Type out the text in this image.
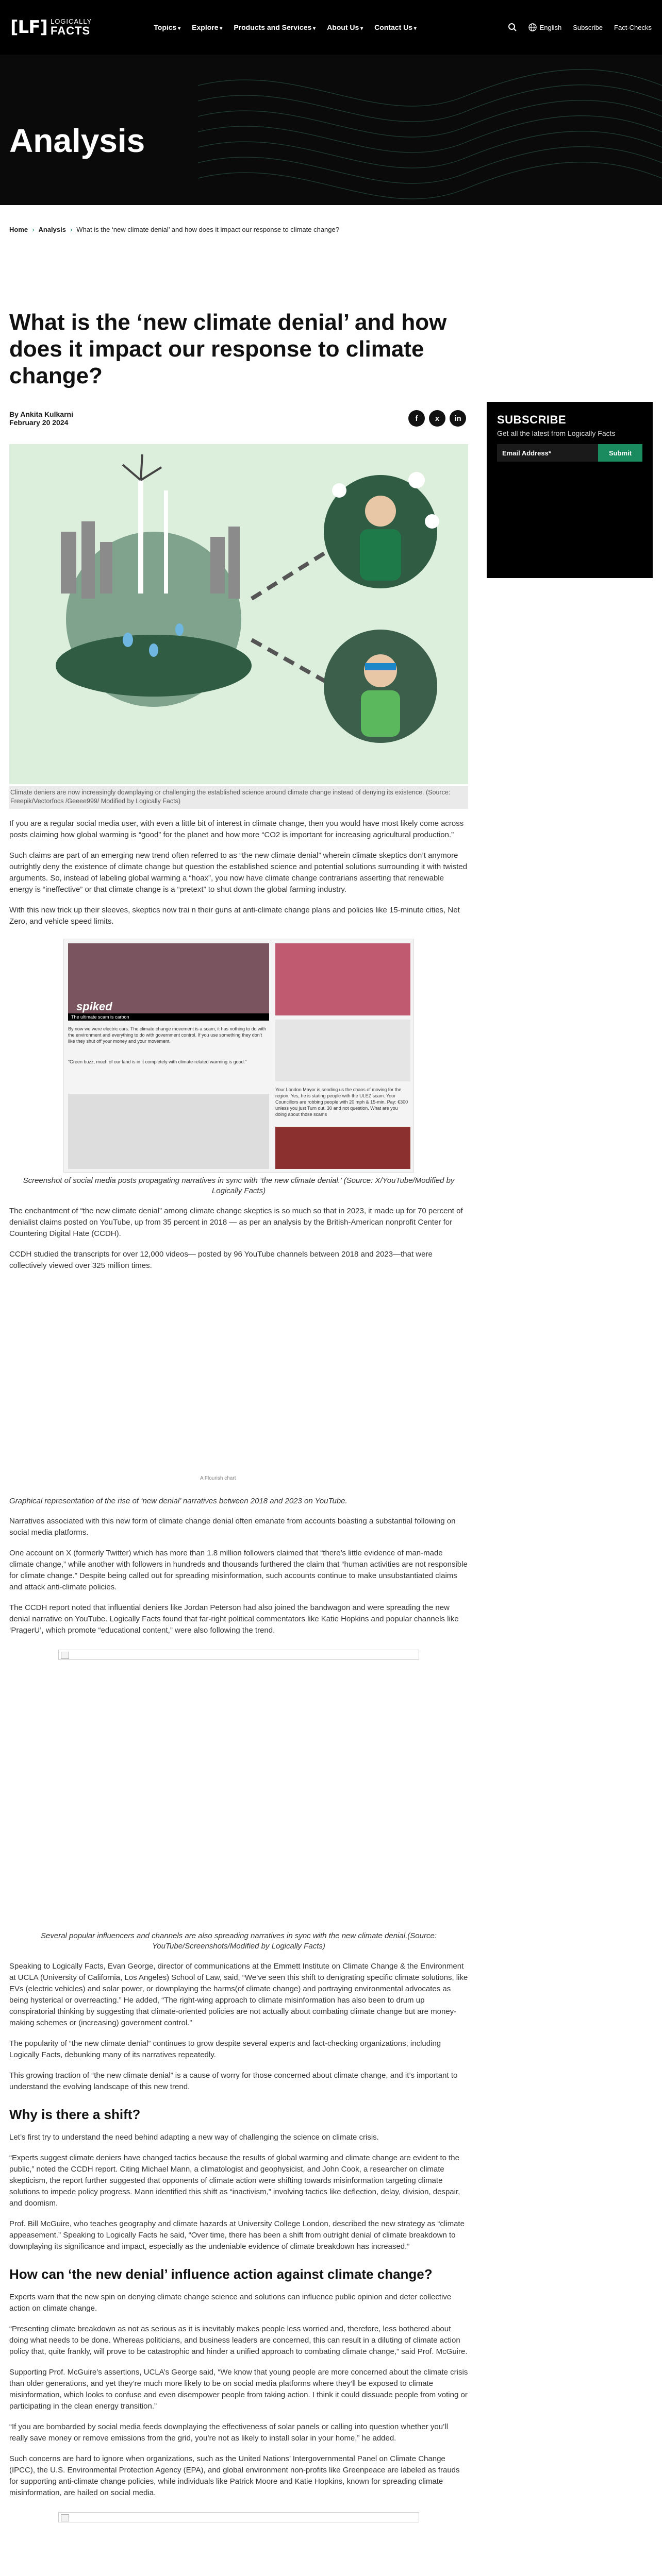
[LF] LOGICALLY
FACTS	Topics ▾	Explore ▾	Products and Services ▾	About Us ▾	Contact Us ▾	English Subscribe Fact-Checks
Analysis
Home › Analysis › What is the ‘new climate denial’ and how does it impact our response to climate change?
What is the ‘new climate denial’ and how does it impact our response to climate change?
By Ankita Kulkarni
February 20 2024	f	x	in
Climate deniers are now increasingly downplaying or challenging the established science around climate change instead of denying its existence. (Source: Freepik/Vectorfocs /Geeee999/ Modified by Logically Facts)

If you are a regular social media user, with even a little bit of interest in climate change, then you would have most likely come across posts claiming how global warming is “good” for the planet and how more “CO2 is important for increasing agricultural production.”

Such claims are part of an emerging new trend often referred to as “the new climate denial” wherein climate skeptics don’t anymore outrightly deny the existence of climate change but question the established science and potential solutions surrounding it with twisted arguments. So, instead of labeling global warming a “hoax”, you now have climate change contrarians asserting that renewable energy is “ineffective” or that climate change is a “pretext” to shut down the global farming industry.

With this new trick up their sleeves, skeptics now trai n their guns at anti-climate change plans and policies like 15-minute cities, Net Zero, and vehicle speed limits.

spiked
The ultimate scam is carbon
By now we were electric cars. The climate change movement is a scam, it has nothing to do with the environment and everything to do with government control. If you use something they don’t like they shut off your money and your movement.
“Green buzz, much of our land is in it completely with climate-related warming is good.”
Your London Mayor is sending us the chaos of moving for the region. Yes, he is stating people with the ULEZ scam. Your Councillors are robbing people with 20 mph & 15-min. Pay: €300 unless you just Turn out. 30 and not question. What are you doing about those scams
Screenshot of social media posts propagating narratives in sync with ‘the new climate denial.’ (Source: X/YouTube/Modified by Logically Facts)

The enchantment of “the new climate denial” among climate change skeptics is so much so that in 2023, it made up for 70 percent of denialist claims posted on YouTube, up from 35 percent in 2018 — as per an analysis by the British-American nonprofit Center for Countering Digital Hate (CCDH).

CCDH studied the transcripts for over 12,000 videos— posted by 96 YouTube channels between 2018 and 2023—that were collectively viewed over 325 million times.

A Flourish chart
Graphical representation of the rise of ‘new denial’ narratives between 2018 and 2023 on YouTube.

Narratives associated with this new form of climate change denial often emanate from accounts boasting a substantial following on social media platforms.

One account on X (formerly Twitter) which has more than 1.8 million followers claimed that “there’s little evidence of man-made climate change,” while another with followers in hundreds and thousands furthered the claim that “human activities are not responsible for climate change.” Despite being called out for spreading misinformation, such accounts continue to make unsubstantiated claims and attack anti-climate policies.

The CCDH report noted that influential deniers like Jordan Peterson had also joined the bandwagon and were spreading the new denial narrative on YouTube. Logically Facts found that far-right political commentators like Katie Hopkins and popular channels like ‘PragerU’, which promote “educational content,” were also following the trend.

Several popular influencers and channels are also spreading narratives in sync with the new climate denial.(Source: YouTube/Screenshots/Modified by Logically Facts)

Speaking to Logically Facts, Evan George, director of communications at the Emmett Institute on Climate Change & the Environment at UCLA (University of California, Los Angeles) School of Law, said, “We’ve seen this shift to denigrating specific climate solutions, like EVs (electric vehicles) and solar power, or downplaying the harms(of climate change) and portraying environmental advocates as being hysterical or overreacting.” He added, “The right-wing approach to climate misinformation has also been to drum up conspiratorial thinking by suggesting that climate-oriented policies are not actually about combating climate change but are money-making schemes or (increasing) government control.”

The popularity of “the new climate denial” continues to grow despite several experts and fact-checking organizations, including Logically Facts, debunking many of its narratives repeatedly.

This growing traction of “the new climate denial” is a cause of worry for those concerned about climate change, and it’s important to understand the evolving landscape of this new trend.

Why is there a shift?

Let’s first try to understand the need behind adapting a new way of challenging the science on climate crisis.

“Experts suggest climate deniers have changed tactics because the results of global warming and climate change are evident to the public,” noted the CCDH report. Citing Michael Mann, a climatologist and geophysicist, and John Cook, a researcher on climate skepticism, the report further suggested that opponents of climate action were shifting towards misinformation targeting climate solutions to impede policy progress. Mann identified this shift as “inactivism,” involving tactics like deflection, delay, division, despair, and doomism.

Prof. Bill McGuire, who teaches geography and climate hazards at University College London, described the new strategy as “climate appeasement.” Speaking to Logically Facts he said, “Over time, there has been a shift from outright denial of climate breakdown to downplaying its significance and impact, especially as the undeniable evidence of climate breakdown has increased.”

How can ‘the new denial’ influence action against climate change?

Experts warn that the new spin on denying climate change science and solutions can influence public opinion and deter collective action on climate change.

“Presenting climate breakdown as not as serious as it is inevitably makes people less worried and, therefore, less bothered about doing what needs to be done. Whereas politicians, and business leaders are concerned, this can result in a diluting of climate action policy that, quite frankly, will prove to be catastrophic and hinder a unified approach to combating climate change,” said Prof. McGuire.

Supporting Prof. McGuire’s assertions, UCLA’s George said, “We know that young people are more concerned about the climate crisis than older generations, and yet they’re much more likely to be on social media platforms where they’ll be exposed to climate misinformation, which looks to confuse and even disempower people from taking action. I think it could dissuade people from voting or participating in the clean energy transition.”

“If you are bombarded by social media feeds downplaying the effectiveness of solar panels or calling into question whether you’ll really save money or remove emissions from the grid, you’re not as likely to install solar in your home,” he added.

Such concerns are hard to ignore when organizations, such as the United Nations’ Intergovernmental Panel on Climate Change (IPCC), the U.S. Environmental Protection Agency (EPA), and global environment non-profits like Greenpeace are labeled as frauds for supporting anti-climate change policies, while individuals like Patrick Moore and Katie Hopkins, known for spreading climate misinformation, are hailed on social media.

SUBSCRIBE

Get all the latest from Logically Facts

Email Address*
Submit
